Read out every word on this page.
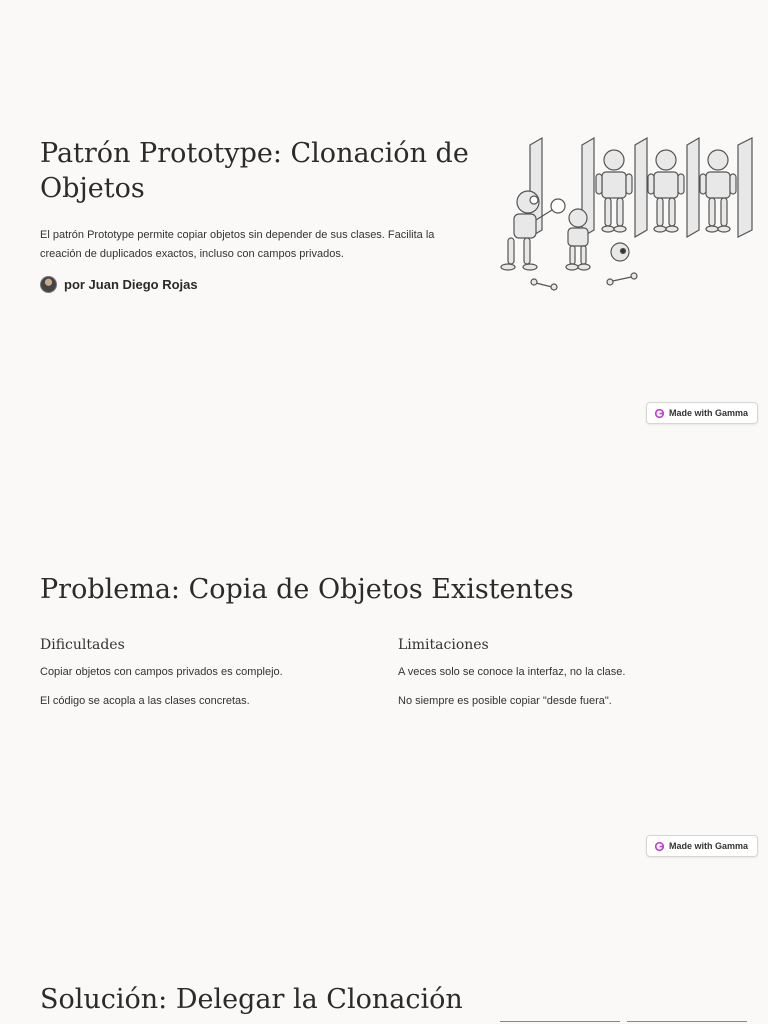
Patrón Prototype: Clonación de Objetos

El patrón Prototype permite copiar objetos sin depender de sus clases. Facilita la creación de duplicados exactos, incluso con campos privados.

por Juan Diego Rojas
Made with Gamma
Problema: Copia de Objetos Existentes
Dificultades

Copiar objetos con campos privados es complejo.

El código se acopla a las clases concretas.

Limitaciones

A veces solo se conoce la interfaz, no la clase.

No siempre es posible copiar "desde fuera".

Made with Gamma
Solución: Delegar la Clonación
